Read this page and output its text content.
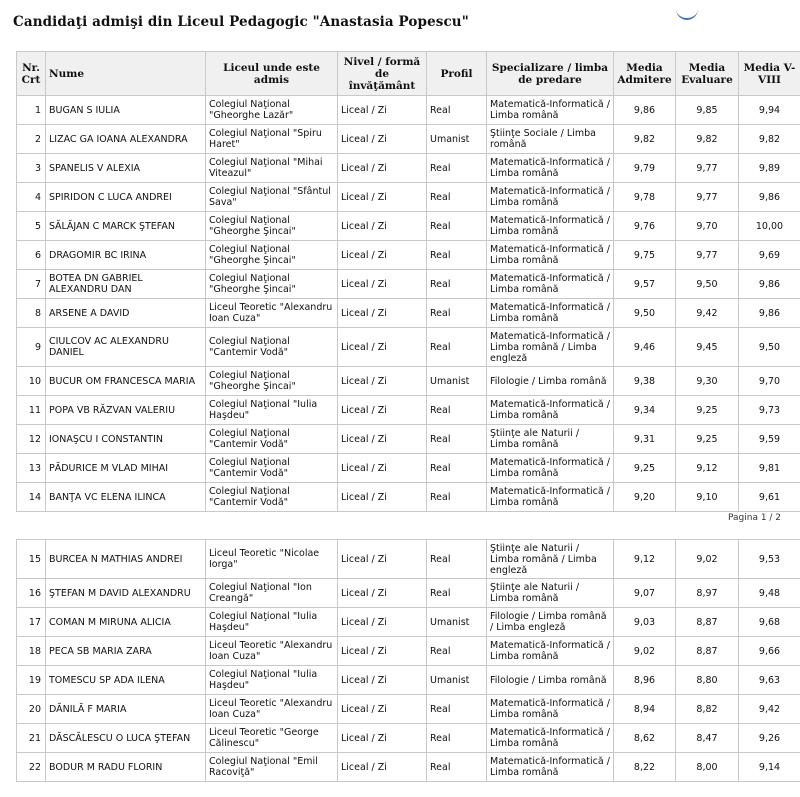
Candidaţi admişi din Liceul Pedagogic "Anastasia Popescu"
Nr. Crt	Nume	Liceul unde este admis	Nivel / formă de învăţământ	Profil	Specializare / limba de predare	Media Admitere	Media Evaluare	Media V-VIII
1	BUGAN S IULIA	Colegiul Naţional "Gheorghe Lazăr"	Liceal / Zi	Real	Matematică-Informatică / Limba română	9,86	9,85	9,94
2	LIZAC GA IOANA ALEXANDRA	Colegiul Naţional "Spiru Haret"	Liceal / Zi	Umanist	Ştiinţe Sociale / Limba română	9,82	9,82	9,82
3	SPANELIS V ALEXIA	Colegiul Naţional "Mihai Viteazul"	Liceal / Zi	Real	Matematică-Informatică / Limba română	9,79	9,77	9,89
4	SPIRIDON C LUCA ANDREI	Colegiul Naţional "Sfântul Sava"	Liceal / Zi	Real	Matematică-Informatică / Limba română	9,78	9,77	9,86
5	SĂLĂJAN C MARCK ŞTEFAN	Colegiul Naţional "Gheorghe Şincai"	Liceal / Zi	Real	Matematică-Informatică / Limba română	9,76	9,70	10,00
6	DRAGOMIR BC IRINA	Colegiul Naţional "Gheorghe Şincai"	Liceal / Zi	Real	Matematică-Informatică / Limba română	9,75	9,77	9,69
7	BOTEA DN GABRIEL ALEXANDRU DAN	Colegiul Naţional "Gheorghe Şincai"	Liceal / Zi	Real	Matematică-Informatică / Limba română	9,57	9,50	9,86
8	ARSENE A DAVID	Liceul Teoretic "Alexandru Ioan Cuza"	Liceal / Zi	Real	Matematică-Informatică / Limba română	9,50	9,42	9,86
9	CIULCOV AC ALEXANDRU DANIEL	Colegiul Naţional "Cantemir Vodă"	Liceal / Zi	Real	Matematică-Informatică / Limba română / Limba engleză	9,46	9,45	9,50
10	BUCUR OM FRANCESCA MARIA	Colegiul Naţional "Gheorghe Şincai"	Liceal / Zi	Umanist	Filologie / Limba română	9,38	9,30	9,70
11	POPA VB RĂZVAN VALERIU	Colegiul Naţional "Iulia Haşdeu"	Liceal / Zi	Real	Matematică-Informatică / Limba română	9,34	9,25	9,73
12	IONAŞCU I CONSTANTIN	Colegiul Naţional "Cantemir Vodă"	Liceal / Zi	Real	Ştiinţe ale Naturii / Limba română	9,31	9,25	9,59
13	PĂDURICE M VLAD MIHAI	Colegiul Naţional "Cantemir Vodă"	Liceal / Zi	Real	Matematică-Informatică / Limba română	9,25	9,12	9,81
14	BANŢA VC ELENA ILINCA	Colegiul Naţional "Cantemir Vodă"	Liceal / Zi	Real	Matematică-Informatică / Limba română	9,20	9,10	9,61
Pagina 1 / 2
15	BURCEA N MATHIAS ANDREI	Liceul Teoretic "Nicolae Iorga"	Liceal / Zi	Real	Ştiinţe ale Naturii / Limba română / Limba engleză	9,12	9,02	9,53
16	ŞTEFAN M DAVID ALEXANDRU	Colegiul Naţional "Ion Creangă"	Liceal / Zi	Real	Ştiinţe ale Naturii / Limba română	9,07	8,97	9,48
17	COMAN M MIRUNA ALICIA	Colegiul Naţional "Iulia Haşdeu"	Liceal / Zi	Umanist	Filologie / Limba română / Limba engleză	9,03	8,87	9,68
18	PECA SB MARIA ZARA	Liceul Teoretic "Alexandru Ioan Cuza"	Liceal / Zi	Real	Matematică-Informatică / Limba română	9,02	8,87	9,66
19	TOMESCU SP ADA ILENA	Colegiul Naţional "Iulia Haşdeu"	Liceal / Zi	Umanist	Filologie / Limba română	8,96	8,80	9,63
20	DĂNILĂ F MARIA	Liceul Teoretic "Alexandru Ioan Cuza"	Liceal / Zi	Real	Matematică-Informatică / Limba română	8,94	8,82	9,42
21	DĂSCĂLESCU O LUCA ŞTEFAN	Liceul Teoretic "George Călinescu"	Liceal / Zi	Real	Matematică-Informatică / Limba română	8,62	8,47	9,26
22	BODUR M RADU FLORIN	Colegiul Naţional "Emil Racoviţă"	Liceal / Zi	Real	Matematică-Informatică / Limba română	8,22	8,00	9,14
